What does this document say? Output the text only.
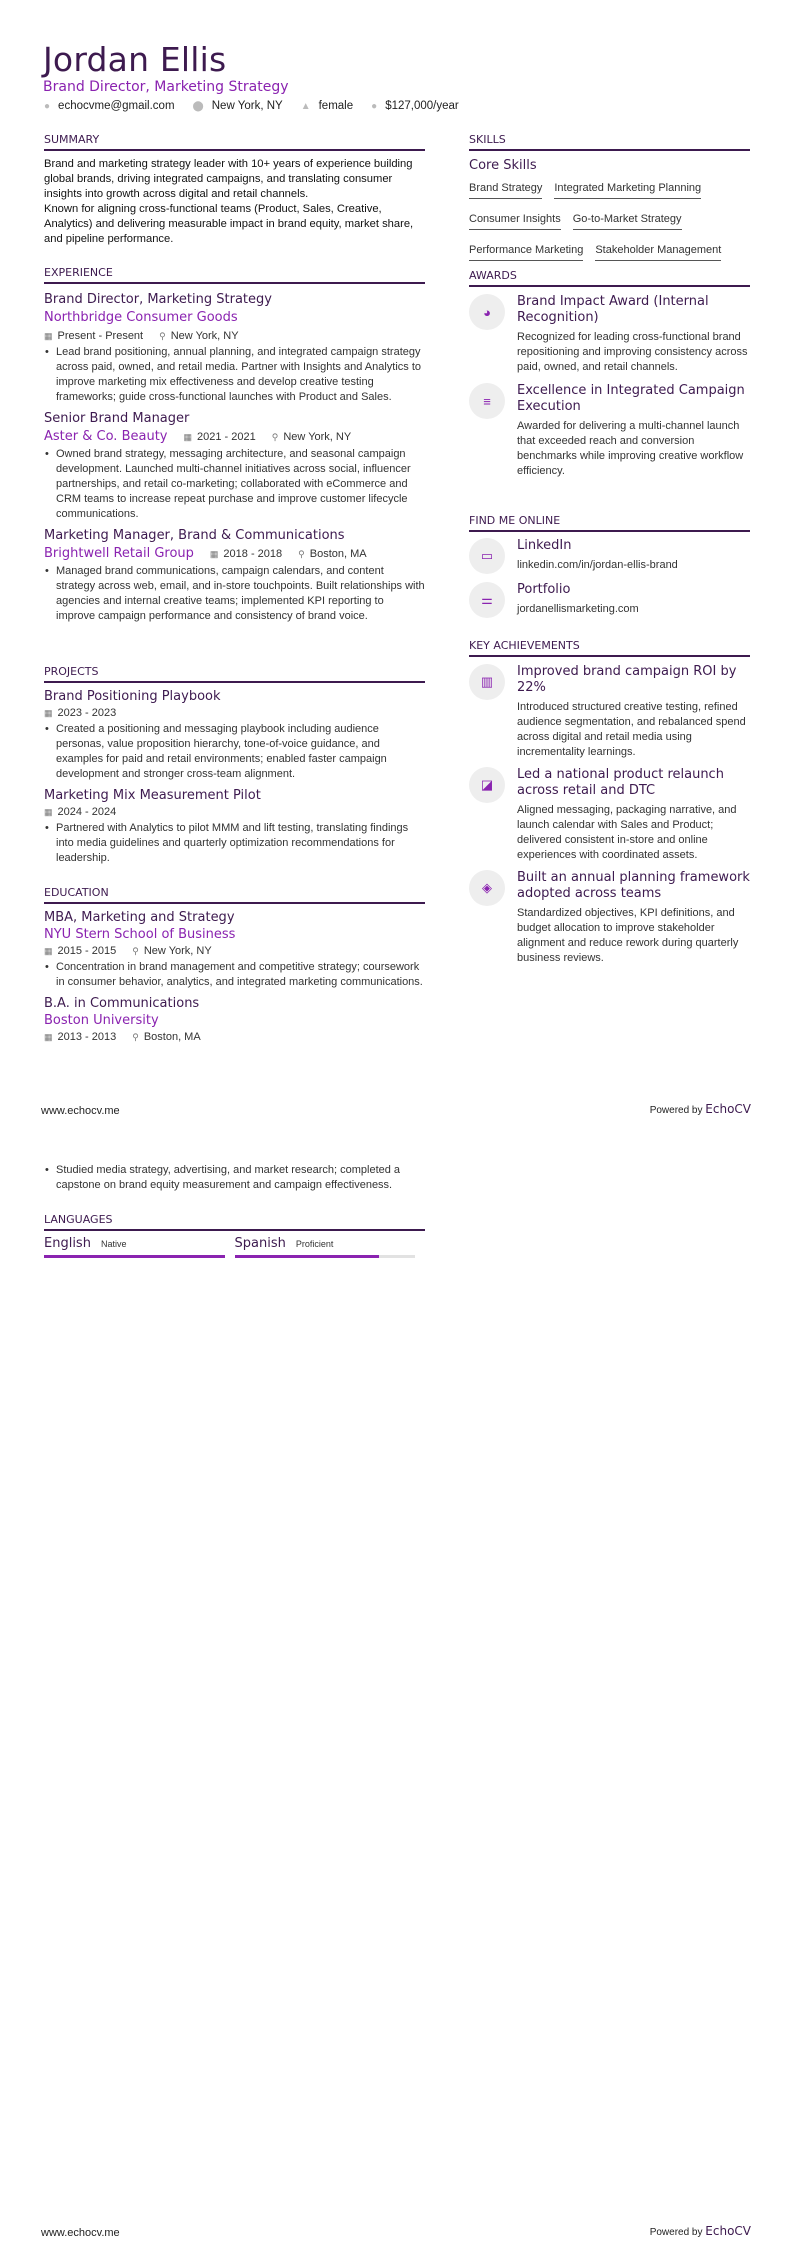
Jordan Ellis
Brand Director, Marketing Strategy
● echocvme@gmail.com ⬤ New York, NY ▲ female ● $127,000/year
SUMMARY

Brand and marketing strategy leader with 10+ years of experience building global brands, driving integrated campaigns, and translating consumer insights into growth across digital and retail channels.

Known for aligning cross-functional teams (Product, Sales, Creative, Analytics) and delivering measurable impact in brand equity, market share, and pipeline performance.

EXPERIENCE
Brand Director, Marketing Strategy
Northbridge Consumer Goods
▦ Present - Present ⚲ New York, NY
• Lead brand positioning, annual planning, and integrated campaign strategy across paid, owned, and retail media. Partner with Insights and Analytics to improve marketing mix effectiveness and develop creative testing frameworks; guide cross-functional launches with Product and Sales.
Senior Brand Manager
Aster & Co. Beauty ▦ 2021 - 2021 ⚲ New York, NY
• Owned brand strategy, messaging architecture, and seasonal campaign development. Launched multi-channel initiatives across social, influencer partnerships, and retail co-marketing; collaborated with eCommerce and CRM teams to increase repeat purchase and improve customer lifecycle communications.
Marketing Manager, Brand & Communications
Brightwell Retail Group ▦ 2018 - 2018 ⚲ Boston, MA
• Managed brand communications, campaign calendars, and content strategy across web, email, and in-store touchpoints. Built relationships with agencies and internal creative teams; implemented KPI reporting to improve campaign performance and consistency of brand voice.
PROJECTS
Brand Positioning Playbook
▦ 2023 - 2023
• Created a positioning and messaging playbook including audience personas, value proposition hierarchy, tone-of-voice guidance, and examples for paid and retail environments; enabled faster campaign development and stronger cross-team alignment.
Marketing Mix Measurement Pilot
▦ 2024 - 2024
• Partnered with Analytics to pilot MMM and lift testing, translating findings into media guidelines and quarterly optimization recommendations for leadership.
EDUCATION
MBA, Marketing and Strategy
NYU Stern School of Business
▦ 2015 - 2015 ⚲ New York, NY
• Concentration in brand management and competitive strategy; coursework in consumer behavior, analytics, and integrated marketing communications.
B.A. in Communications
Boston University
▦ 2013 - 2013 ⚲ Boston, MA
www.echocv.me	Powered by EchoCV
• Studied media strategy, advertising, and market research; completed a capstone on brand equity measurement and campaign effectiveness.
LANGUAGES
English Native	Spanish Proficient
www.echocv.me	Powered by EchoCV
SKILLS
Core Skills
Brand Strategy Integrated Marketing Planning
Consumer Insights Go-to-Market Strategy
Performance Marketing Stakeholder Management
AWARDS
◕
Brand Impact Award (Internal Recognition)
Recognized for leading cross-functional brand repositioning and improving consistency across paid, owned, and retail channels.
≡
Excellence in Integrated Campaign Execution
Awarded for delivering a multi-channel launch that exceeded reach and conversion benchmarks while improving creative workflow efficiency.
FIND ME ONLINE
▭
LinkedIn
linkedin.com/in/jordan-ellis-brand
⚌
Portfolio
jordanellismarketing.com
KEY ACHIEVEMENTS
▥
Improved brand campaign ROI by 22%
Introduced structured creative testing, refined audience segmentation, and rebalanced spend across digital and retail media using incrementality learnings.
◪
Led a national product relaunch across retail and DTC
Aligned messaging, packaging narrative, and launch calendar with Sales and Product; delivered consistent in-store and online experiences with coordinated assets.
◈
Built an annual planning framework adopted across teams
Standardized objectives, KPI definitions, and budget allocation to improve stakeholder alignment and reduce rework during quarterly business reviews.
